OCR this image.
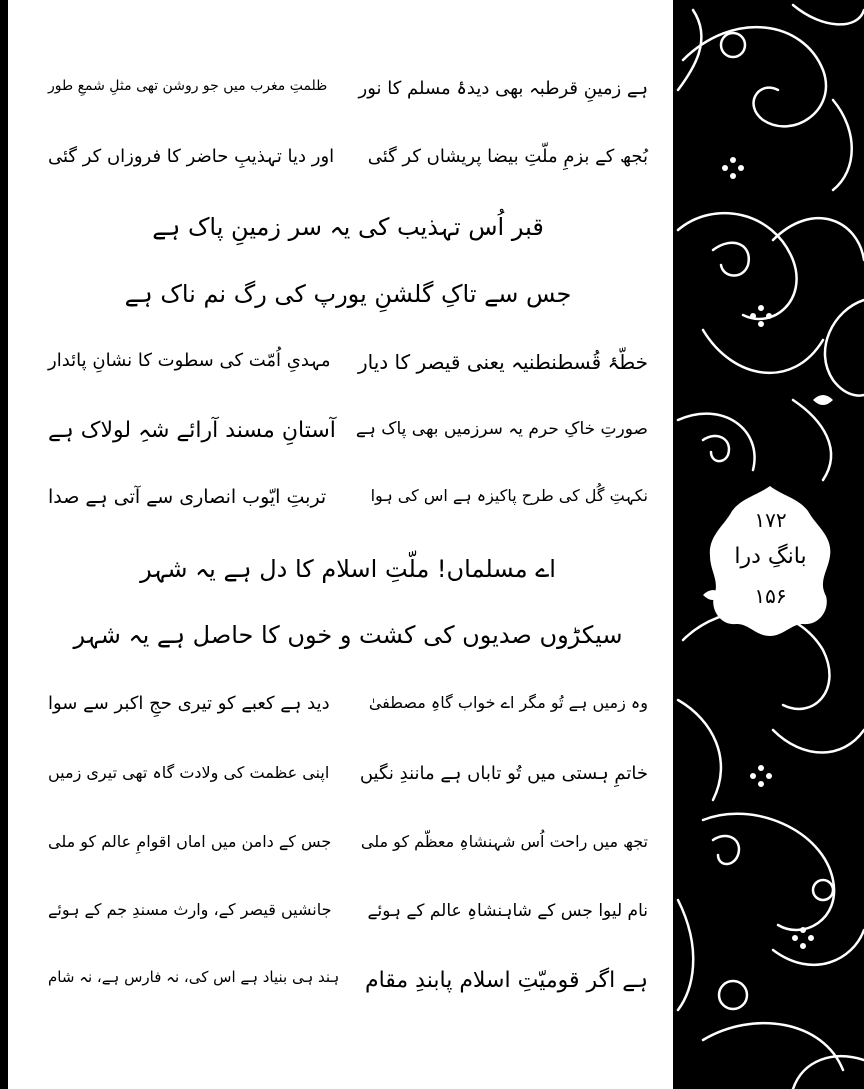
ہے زمینِ قرطبہ بھی دیدۂ مسلم کا نور
ظلمتِ مغرب میں جو روشن تھی مثلِ شمعِ طور
بُجھ کے بزمِ ملّتِ بیضا پریشاں کر گئی
اور دیا تہذیبِ حاضر کا فروزاں کر گئی
قبر اُس تہذیب کی یہ سر زمینِ پاک ہے
جس سے تاکِ گلشنِ یورپ کی رگ نم ناک ہے
خطّۂ قُسطنطنیہ یعنی قیصر کا دیار
مہدیِ اُمّت کی سطوت کا نشانِ پائدار
صورتِ خاکِ حرم یہ سرزمیں بھی پاک ہے
آستانِ مسند آرائے شہِ لولاک ہے
نکہتِ گُل کی طرح پاکیزہ ہے اس کی ہوا
تربتِ ایّوب انصاری سے آتی ہے صدا
اے مسلماں! ملّتِ اسلام کا دل ہے یہ شہر
سیکڑوں صدیوں کی کشت و خوں کا حاصل ہے یہ شہر
وہ زمیں ہے تُو مگر اے خواب گاہِ مصطفیٰ
دید ہے کعبے کو تیری حجِ اکبر سے سوا
خاتمِ ہستی میں تُو تاباں ہے مانندِ نگیں
اپنی عظمت کی ولادت گاہ تھی تیری زمیں
تجھ میں راحت اُس شہنشاہِ معظّم کو ملی
جس کے دامن میں اماں اقوامِ عالم کو ملی
نام لیوا جس کے شاہنشاہِ عالم کے ہوئے
جانشیں قیصر کے، وارث مسندِ جم کے ہوئے
ہے اگر قومیّتِ اسلام پابندِ مقام
ہند ہی بنیاد ہے اس کی، نہ فارس ہے، نہ شام
۱۷۲
بانگِ درا
۱۵۶
